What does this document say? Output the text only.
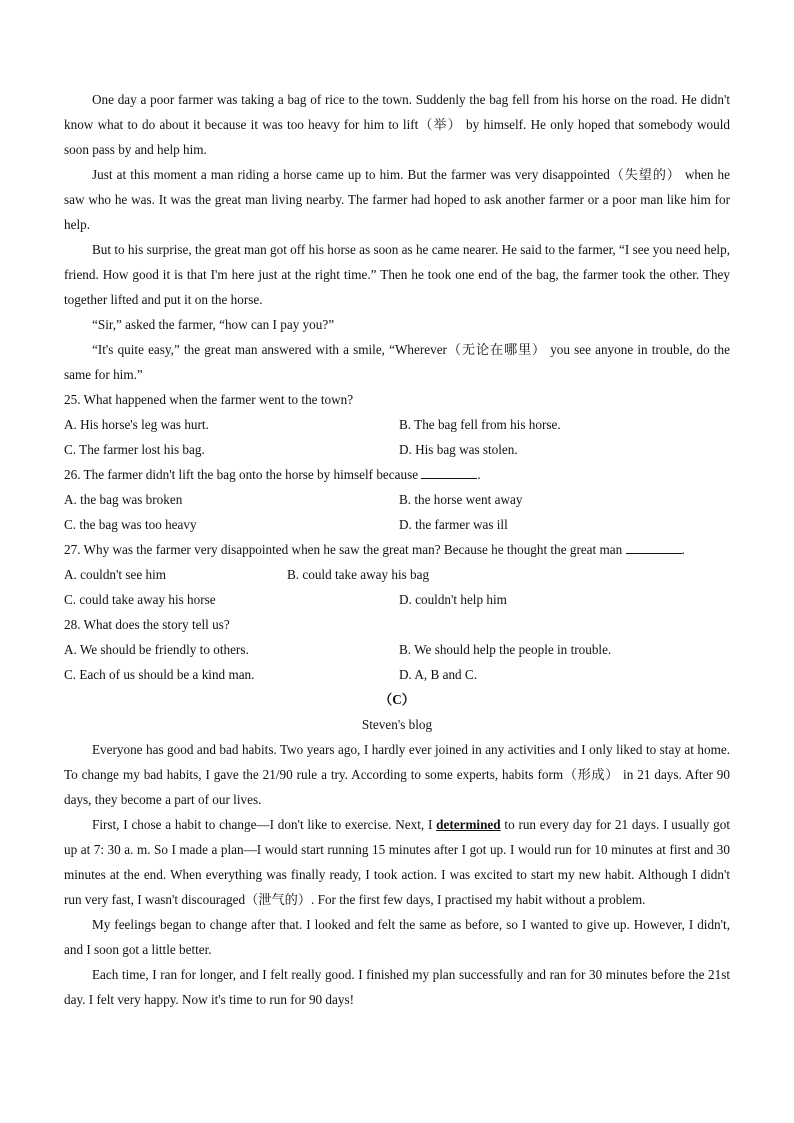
One day a poor farmer was taking a bag of rice to the town. Suddenly the bag fell from his horse on the road. He didn't know what to do about it because it was too heavy for him to lift（举） by himself. He only hoped that somebody would soon pass by and help him.

Just at this moment a man riding a horse came up to him. But the farmer was very disappointed（失望的） when he saw who he was. It was the great man living nearby. The farmer had hoped to ask another farmer or a poor man like him for help.

But to his surprise, the great man got off his horse as soon as he came nearer. He said to the farmer, “I see you need help, friend. How good it is that I'm here just at the right time.” Then he took one end of the bag, the farmer took the other. They together lifted and put it on the horse.

“Sir,” asked the farmer, “how can I pay you?”

“It's quite easy,” the great man answered with a smile, “Wherever（无论在哪里） you see anyone in trouble, do the same for him.”

25. What happened when the farmer went to the town?

A. His horse's leg was hurt.	B. The bag fell from his horse.
C. The farmer lost his bag.	D. His bag was stolen.

26. The farmer didn't lift the bag onto the horse by himself because	.

A. the bag was broken	B. the horse went away
C. the bag was too heavy	D. the farmer was ill

27. Why was the farmer very disappointed when he saw the great man? Because he thought the great man	.

A. couldn't see him	B. could take away his bag
C. could take away his horse	D. couldn't help him

28. What does the story tell us?

A. We should be friendly to others.	B. We should help the people in trouble.
C. Each of us should be a kind man.	D. A, B and C.

（C）

Steven's blog

Everyone has good and bad habits. Two years ago, I hardly ever joined in any activities and I only liked to stay at home. To change my bad habits, I gave the 21/90 rule a try. According to some experts, habits form（形成） in 21 days. After 90 days, they become a part of our lives.

First, I chose a habit to change—I don't like to exercise. Next, I determined to run every day for 21 days. I usually got up at 7: 30 a. m. So I made a plan—I would start running 15 minutes after I got up. I would run for 10 minutes at first and 30 minutes at the end. When everything was finally ready, I took action. I was excited to start my new habit. Although I didn't run very fast, I wasn't discouraged（泄气的）. For the first few days, I practised my habit without a problem.

My feelings began to change after that. I looked and felt the same as before, so I wanted to give up. However, I didn't, and I soon got a little better.

Each time, I ran for longer, and I felt really good. I finished my plan successfully and ran for 30 minutes before the 21st day. I felt very happy. Now it's time to run for 90 days!
